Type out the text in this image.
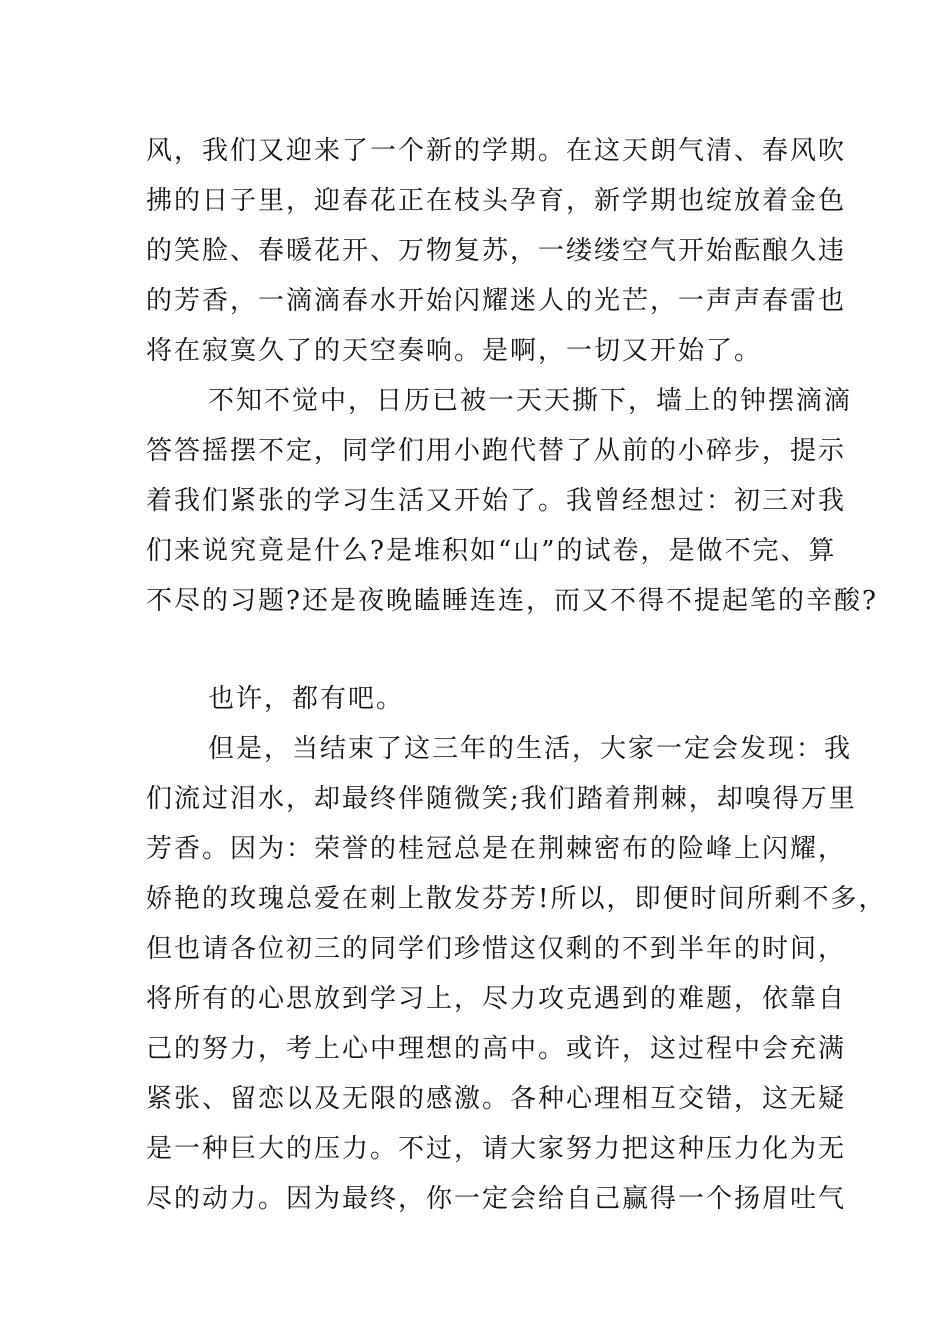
风，我们又迎来了一个新的学期。在这天朗气清、春风吹
拂的日子里，迎春花正在枝头孕育，新学期也绽放着金色
的笑脸、春暖花开、万物复苏，一缕缕空气开始酝酿久违
的芳香，一滴滴春水开始闪耀迷人的光芒，一声声春雷也
将在寂寞久了的天空奏响。是啊，一切又开始了。
不知不觉中，日历已被一天天撕下，墙上的钟摆滴滴
答答摇摆不定，同学们用小跑代替了从前的小碎步，提示
着我们紧张的学习生活又开始了。我曾经想过：初三对我
们来说究竟是什么?是堆积如“山”的试卷，是做不完、算
不尽的习题?还是夜晚瞌睡连连，而又不得不提起笔的辛酸?
也许，都有吧。
但是，当结束了这三年的生活，大家一定会发现：我
们流过泪水，却最终伴随微笑;我们踏着荆棘，却嗅得万里
芳香。因为：荣誉的桂冠总是在荆棘密布的险峰上闪耀，
娇艳的玫瑰总爱在刺上散发芬芳!所以，即便时间所剩不多，
但也请各位初三的同学们珍惜这仅剩的不到半年的时间，
将所有的心思放到学习上，尽力攻克遇到的难题，依靠自
己的努力，考上心中理想的高中。或许，这过程中会充满
紧张、留恋以及无限的感激。各种心理相互交错，这无疑
是一种巨大的压力。不过，请大家努力把这种压力化为无
尽的动力。因为最终，你一定会给自己赢得一个扬眉吐气
